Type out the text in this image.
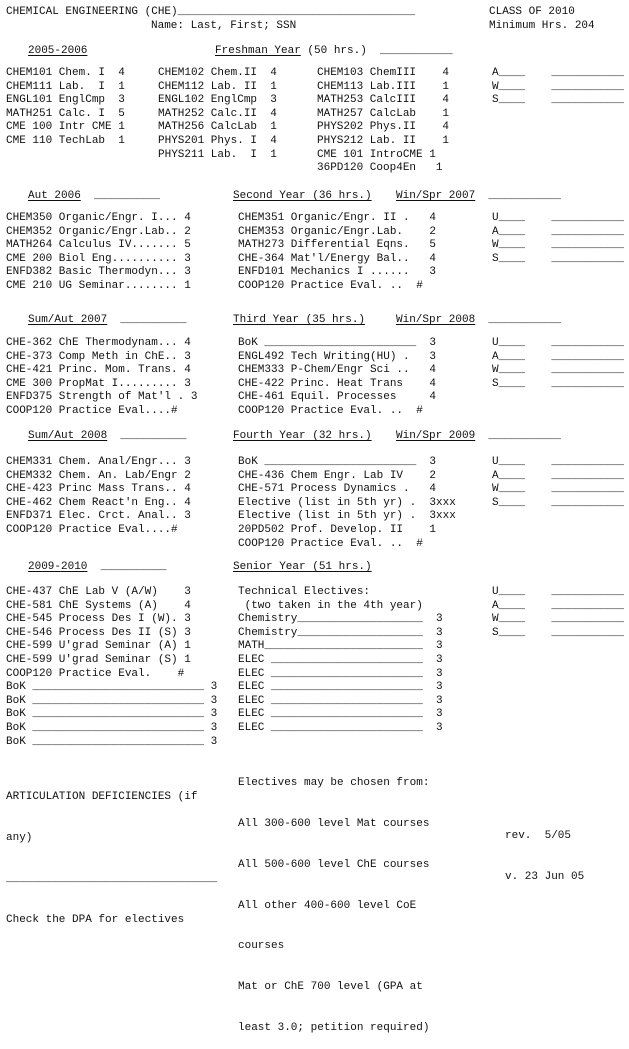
CHEMICAL ENGINEERING (CHE)____________________________________	CLASS OF 2010
Name: Last, First; SSN	Minimum Hrs. 204
2005-2006	Freshman Year (50 hrs.) ___________
CHEM101 Chem. I  4
CHEM111 Lab.  I  1
ENGL101 EnglCmp  3
MATH251 Calc. I  5
CME 100 Intr CME 1
CME 110 TechLab  1
CHEM102 Chem.II  4
CHEM112 Lab. II  1
ENGL102 EnglCmp  3
MATH252 Calc.II  4
MATH256 CalcLab  1
PHYS201 Phys. I  4
PHYS211 Lab.  I  1
CHEM103 ChemIII    4
CHEM113 Lab.III    1
MATH253 CalcIII    4
MATH257 CalcLab    1
PHYS202 Phys.II    4
PHYS212 Lab. II    1
CME 101 IntroCME 1
36PD120 Coop4En   1
A____    ___________
W____    ___________
S____    ___________
Aut 2006 __________	Second Year (36 hrs.) Win/Spr 2007 ___________
CHEM350 Organic/Engr. I... 4
CHEM352 Organic/Engr.Lab.. 2
MATH264 Calculus IV....... 5
CME 200 Biol Eng.......... 3
ENFD382 Basic Thermodyn... 3
CME 210 UG Seminar........ 1
CHEM351 Organic/Engr. II .   4
CHEM353 Organic/Engr.Lab.    2
MATH273 Differential Eqns.   5
CHE-364 Mat'l/Energy Bal..   4
ENFD101 Mechanics I ......   3
COOP120 Practice Eval. ..  #
U____    ___________
A____    ___________
W____    ___________
S____    ___________
Sum/Aut 2007 __________	Third Year (35 hrs.)	Win/Spr 2008 ___________
CHE-362 ChE Thermodynam... 4
CHE-373 Comp Meth in ChE.. 3
CHE-421 Princ. Mom. Trans. 4
CME 300 PropMat I......... 3
ENFD375 Strength of Mat'l . 3
COOP120 Practice Eval....#
BoK _______________________  3
ENGL492 Tech Writing(HU) .   3
CHEM333 P-Chem/Engr Sci ..   4
CHE-422 Princ. Heat Trans    4
CHE-461 Equil. Processes     4
COOP120 Practice Eval. ..  #
U____    ___________
A____    ___________
W____    ___________
S____    ___________
Sum/Aut 2008 __________	Fourth Year (32 hrs.) Win/Spr 2009 ___________
CHEM331 Chem. Anal/Engr... 3
CHEM332 Chem. An. Lab/Engr 2
CHE-423 Princ Mass Trans.. 4
CHE-462 Chem React'n Eng.. 4
ENFD371 Elec. Crct. Anal.. 3
COOP120 Practice Eval....#
BoK _______________________  3
CHE-436 Chem Engr. Lab IV    2
CHE-571 Process Dynamics .   4
Elective (list in 5th yr) .  3xxx
Elective (list in 5th yr) .  3xxx
20PD502 Prof. Develop. II    1
COOP120 Practice Eval. ..  #
U____    ___________
A____    ___________
W____    ___________
S____    ___________
2009-2010 __________	Senior Year (51 hrs.)
CHE-437 ChE Lab V (A/W)    3
CHE-581 ChE Systems (A)    4
CHE-545 Process Des I (W). 3
CHE-546 Process Des II (S) 3
CHE-599 U'grad Seminar (A) 1
CHE-599 U'grad Seminar (S) 1
COOP120 Practice Eval.    #
BoK __________________________ 3
BoK __________________________ 3
BoK __________________________ 3
BoK __________________________ 3
BoK __________________________ 3
Technical Electives:
(two taken in the 4th year)
Chemistry___________________  3
Chemistry___________________  3
MATH________________________  3
ELEC _______________________  3
ELEC _______________________  3
ELEC _______________________  3
ELEC _______________________  3
ELEC _______________________  3
ELEC _______________________  3
U____    ___________
A____    ___________
W____    ___________
S____    ___________

ARTICULATION DEFICIENCIES (if

any)

________________________________

Check the DPA for electives

Electives may be chosen from:

All 300-600 level Mat courses

All 500-600 level ChE courses

All other 400-600 level CoE

courses

Mat or ChE 700 level (GPA at

least 3.0; petition required)

rev.  5/05

v. 23 Jun 05
